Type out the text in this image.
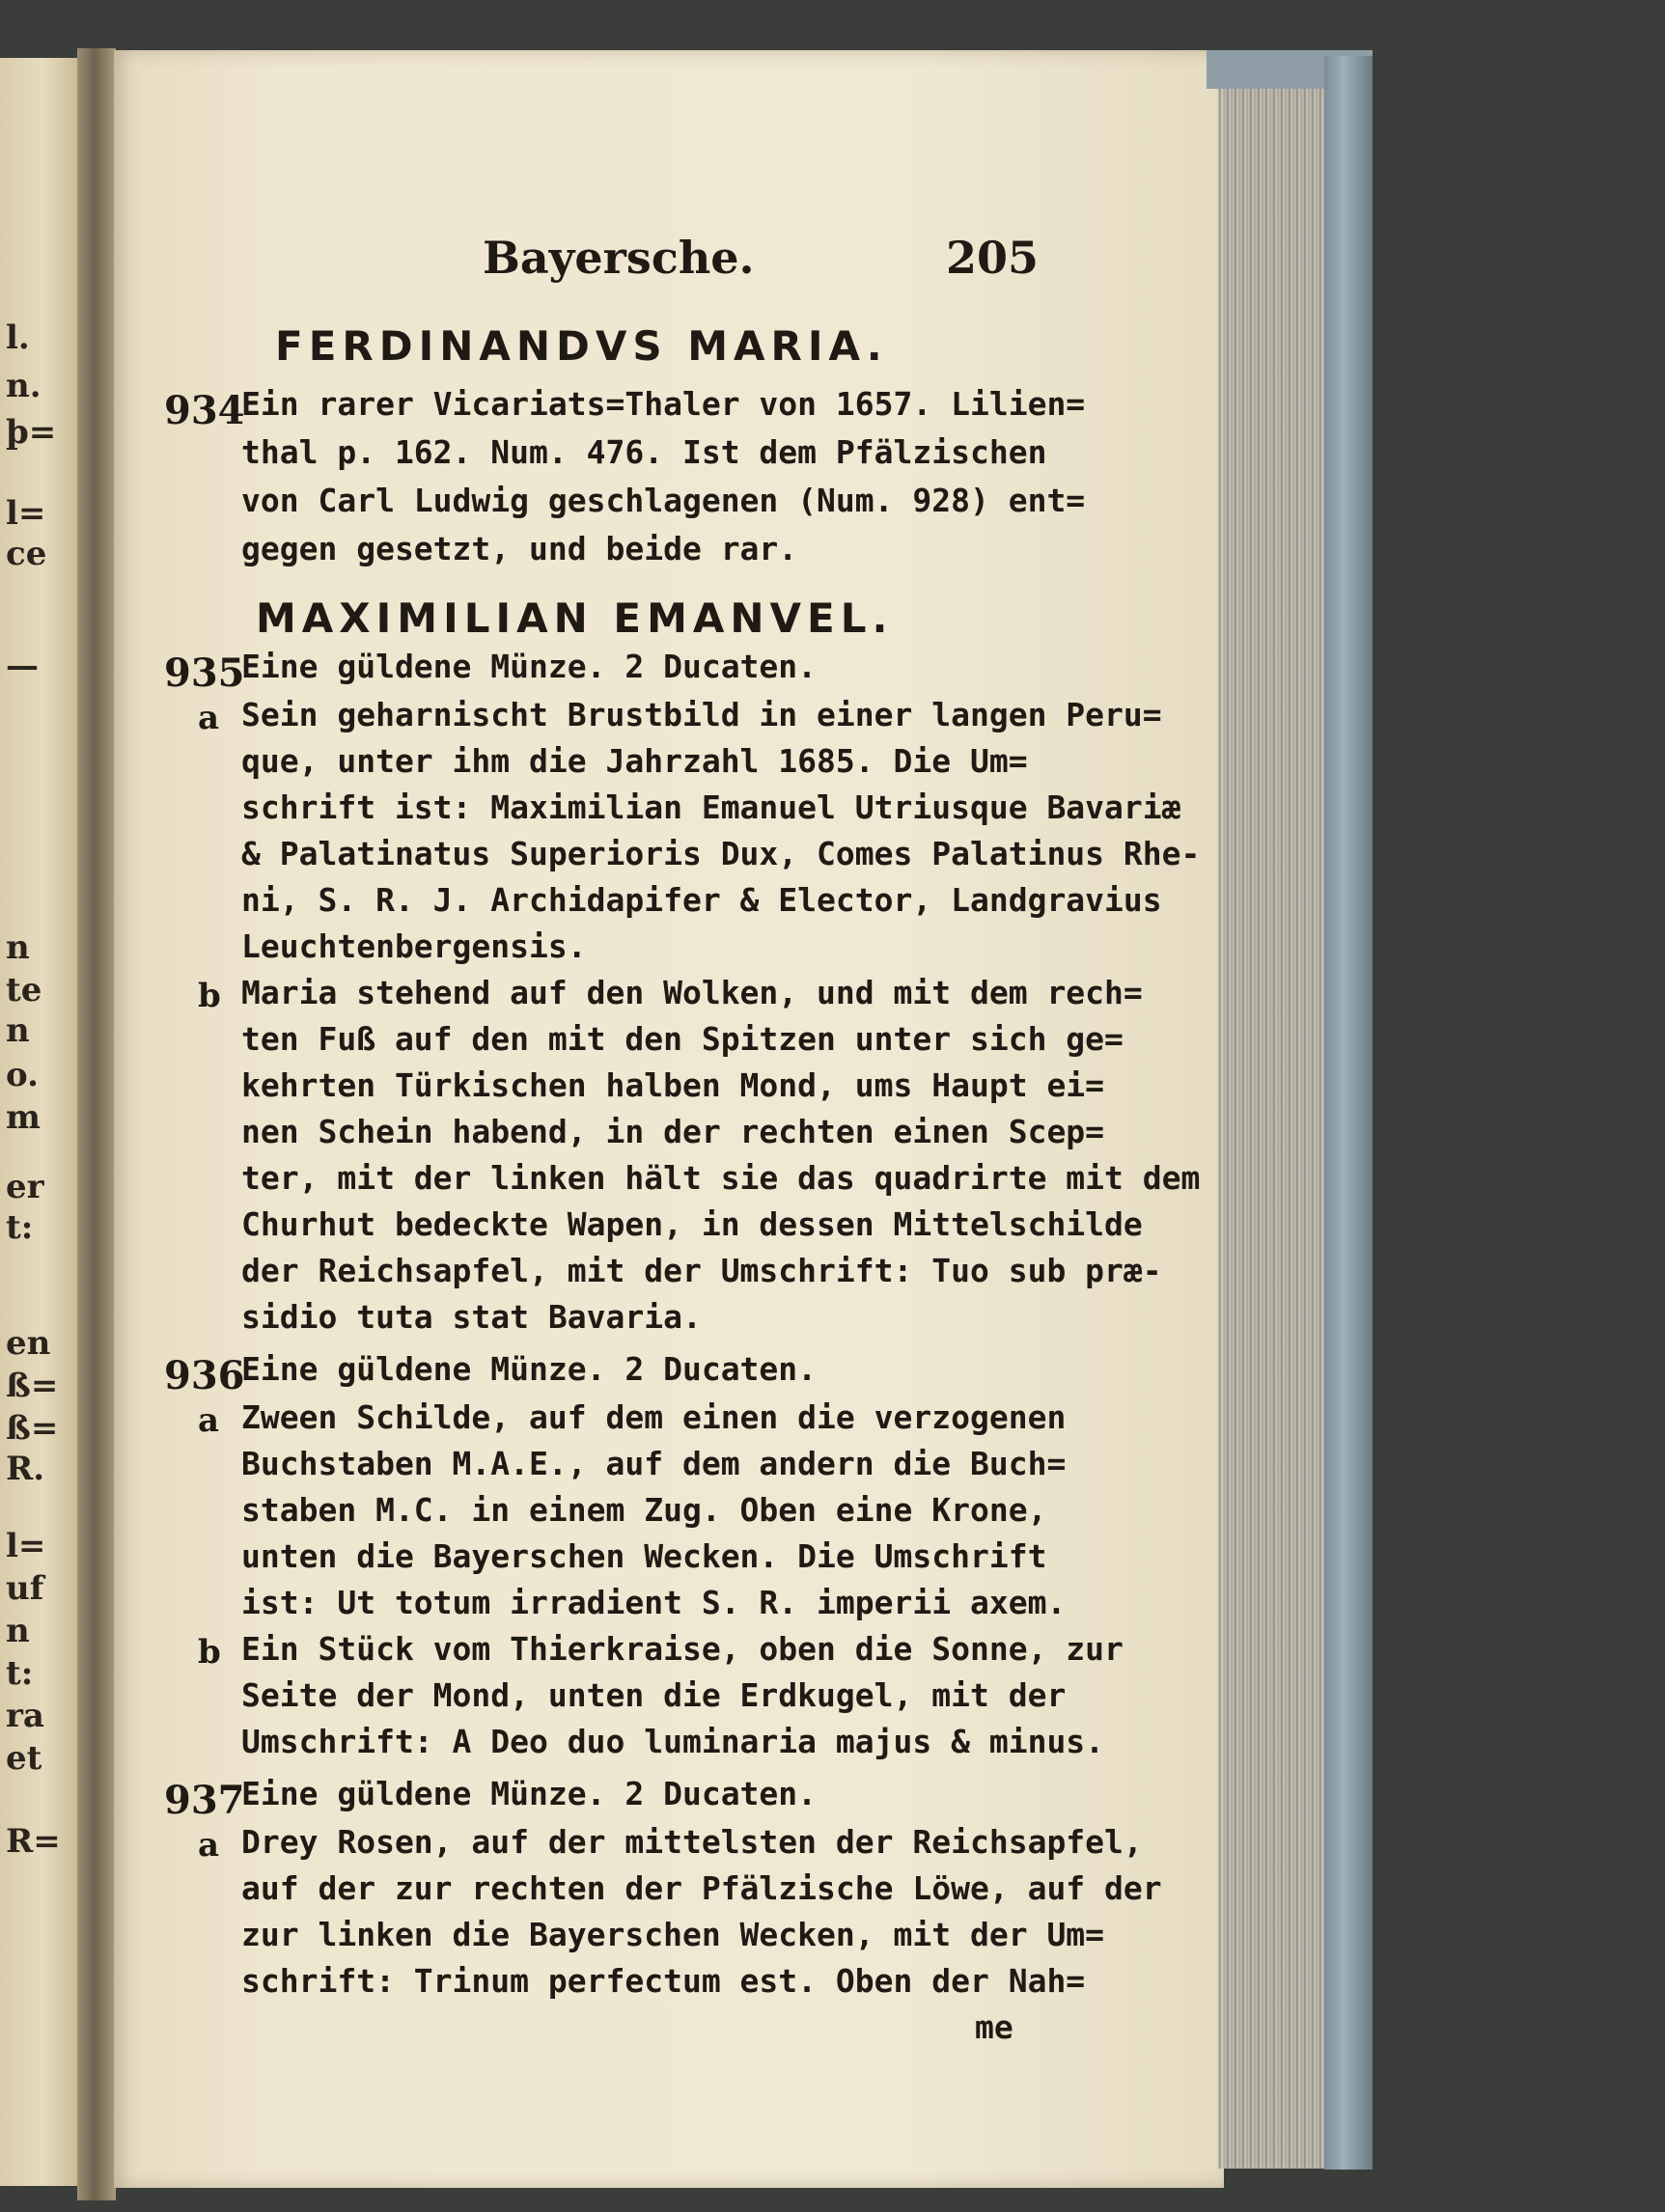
l.
n.
þ=
l=
ce
—
n
te
n
o.
m
er
t:
en
ß=
ß=
R.
l=
uf
n
t:
ra
et
R=
Bayersche.	205
FERDINANDVS MARIA.
934
Ein rarer Vicariats=Thaler von 1657. Lilien=
thal p. 162. Num. 476. Ist dem Pfälzischen
von Carl Ludwig geschlagenen (Num. 928) ent=
gegen gesetzt, und beide rar.
MAXIMILIAN EMANVEL.
935
Eine güldene Münze. 2 Ducaten.
a Sein geharnischt Brustbild in einer langen Peru=
que, unter ihm die Jahrzahl 1685. Die Um=
schrift ist: Maximilian Emanuel Utriusque Bavariæ
& Palatinatus Superioris Dux, Comes Palatinus Rhe-
ni, S. R. J. Archidapifer & Elector, Landgravius
Leuchtenbergensis.
b Maria stehend auf den Wolken, und mit dem rech=
ten Fuß auf den mit den Spitzen unter sich ge=
kehrten Türkischen halben Mond, ums Haupt ei=
nen Schein habend, in der rechten einen Scep=
ter, mit der linken hält sie das quadrirte mit dem
Churhut bedeckte Wapen, in dessen Mittelschilde
der Reichsapfel, mit der Umschrift: Tuo sub præ-
sidio tuta stat Bavaria.
936
Eine güldene Münze. 2 Ducaten.
a Zween Schilde, auf dem einen die verzogenen
Buchstaben M.A.E., auf dem andern die Buch=
staben M.C. in einem Zug. Oben eine Krone,
unten die Bayerschen Wecken. Die Umschrift
ist: Ut totum irradient S. R. imperii axem.
b Ein Stück vom Thierkraise, oben die Sonne, zur
Seite der Mond, unten die Erdkugel, mit der
Umschrift: A Deo duo luminaria majus & minus.
937
Eine güldene Münze. 2 Ducaten.
a Drey Rosen, auf der mittelsten der Reichsapfel,
auf der zur rechten der Pfälzische Löwe, auf der
zur linken die Bayerschen Wecken, mit der Um=
schrift: Trinum perfectum est. Oben der Nah=
me
